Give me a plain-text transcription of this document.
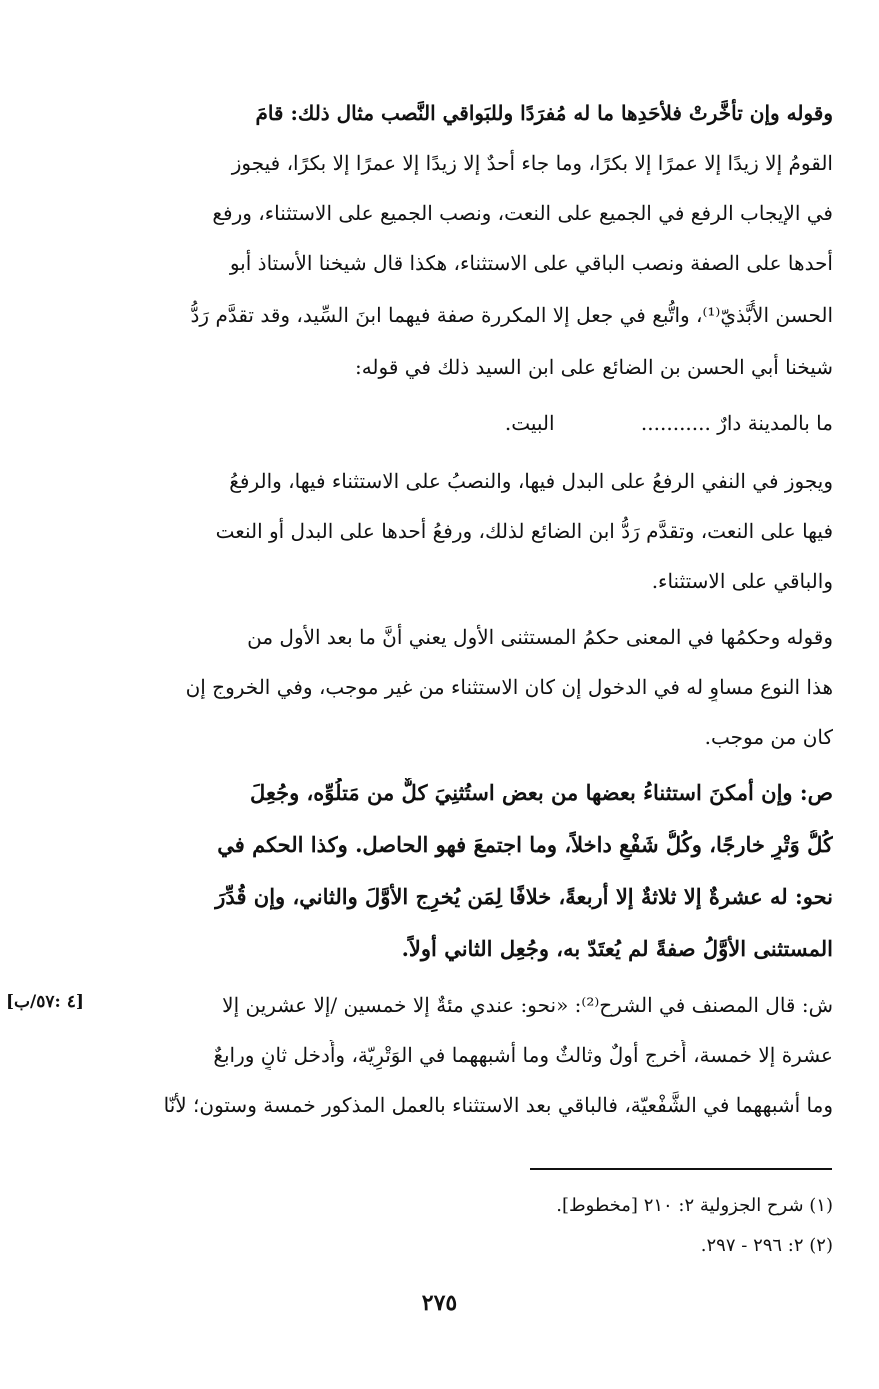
وقوله وإن تأخَّرتْ فلأحَدِها ما له مُفرَدًا وللبَواقي النَّصب مثال ذلك: قامَ
القومُ إلا زيدًا إلا عمرًا إلا بكرًا، وما جاء أحدٌ إلا زيدًا إلا عمرًا إلا بكرًا، فيجوز
في الإيجاب الرفع في الجميع على النعت، ونصب الجميع على الاستثناء، ورفع
أحدها على الصفة ونصب الباقي على الاستثناء، هكذا قال شيخنا الأستاذ أبو
الحسن الأُبَّذيّ⁽¹⁾، واتُّبع في جعل إلا المكررة صفة فيهما ابنَ السِّيد، وقد تقدَّم رَدُّ
شيخنا أبي الحسن بن الضائع على ابن السيد ذلك في قوله:
ما بالمدينة دارٌ ........... البيت.
ويجوز في النفي الرفعُ على البدل فيها، والنصبُ على الاستثناء فيها، والرفعُ
فيها على النعت، وتقدَّم رَدُّ ابن الضائع لذلك، ورفعُ أحدها على البدل أو النعت
والباقي على الاستثناء.
وقوله وحكمُها في المعنى حكمُ المستثنى الأول يعني أنَّ ما بعد الأول من
هذا النوع مساوٍ له في الدخول إن كان الاستثناء من غير موجب، وفي الخروج إن
كان من موجب.
ص: وإن أمكنَ استثناءُ بعضها من بعض استُثنِيَ كلٌّ من مَتلُوِّه، وجُعِلَ
كُلُّ وَتْرٍ خارجًا، وكُلُّ شَفْعٍ داخلاً، وما اجتمعَ فهو الحاصل. وكذا الحكم في
نحو: له عشرةٌ إلا ثلاثةٌ إلا أربعةً، خلافًا لِمَن يُخرِج الأوَّلَ والثاني، وإن قُدِّرَ
المستثنى الأوَّلُ صفةً لم يُعتَدّ به، وجُعِل الثاني أولاً.
ش: قال المصنف في الشرح⁽²⁾: «نحو: عندي مئةٌ إلا خمسين /إلا عشرين إلا
عشرة إلا خمسة، أُخرج أولٌ وثالثٌ وما أشبههما في الوَتْرِيّة، وأُدخل ثانٍ ورابعٌ
وما أشبههما في الشَّفْعيّة، فالباقي بعد الاستثناء بالعمل المذكور خمسة وستون؛ لأنّا
[٤ :٥٧/ب]
(١) شرح الجزولية ٢: ٢١٠ [مخطوط].
(٢) ٢: ٢٩٦ - ٢٩٧.
٢٧٥
